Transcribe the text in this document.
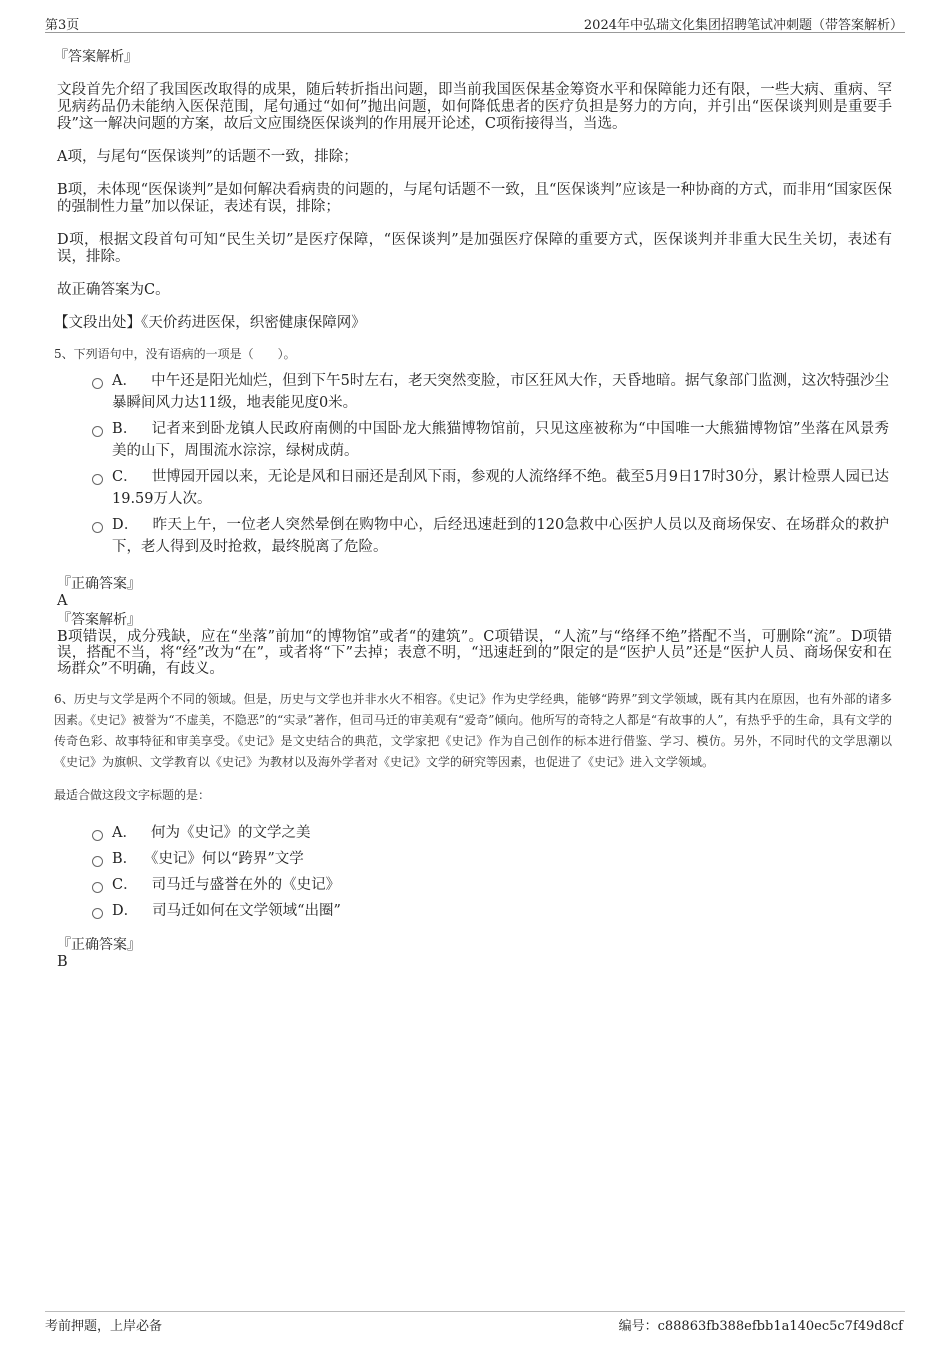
第3页	2024年中弘瑞文化集团招聘笔试冲刺题（带答案解析）

『答案解析』

文段首先介绍了我国医改取得的成果，随后转折指出问题，即当前我国医保基金筹资水平和保障能力还有限，一些大病、重病、罕见病药品仍未能纳入医保范围，尾句通过“如何”抛出问题，如何降低患者的医疗负担是努力的方向，并引出“医保谈判则是重要手段”这一解决问题的方案，故后文应围绕医保谈判的作用展开论述，C项衔接得当，当选。

A项，与尾句“医保谈判”的话题不一致，排除；

B项，未体现“医保谈判”是如何解决看病贵的问题的，与尾句话题不一致，且“医保谈判”应该是一种协商的方式，而非用“国家医保的强制性力量”加以保证，表述有误，排除；

D项，根据文段首句可知“民生关切”是医疗保障，“医保谈判”是加强医疗保障的重要方式，医保谈判并非重大民生关切，表述有误，排除。

故正确答案为C。

【文段出处】《天价药进医保，织密健康保障网》

5、下列语句中，没有语病的一项是（　　）。

A． 中午还是阳光灿烂，但到下午5时左右，老天突然变脸，市区狂风大作，天昏地暗。据气象部门监测，这次特强沙尘暴瞬间风力达11级，地表能见度0米。
B． 记者来到卧龙镇人民政府南侧的中国卧龙大熊猫博物馆前，只见这座被称为“中国唯一大熊猫博物馆”坐落在风景秀美的山下，周围流水淙淙，绿树成荫。
C． 世博园开园以来，无论是风和日丽还是刮风下雨，参观的人流络绎不绝。截至5月9日17时30分，累计检票人园已达19.59万人次。
D． 昨天上午，一位老人突然晕倒在购物中心，后经迅速赶到的120急救中心医护人员以及商场保安、在场群众的救护下，老人得到及时抢救，最终脱离了危险。

『正确答案』

A

『答案解析』

B项错误，成分残缺，应在“坐落”前加“的博物馆”或者“的建筑”。C项错误，“人流”与“络绎不绝”搭配不当，可删除“流”。D项错误，搭配不当，将“经”改为“在”，或者将“下”去掉；表意不明，“迅速赶到的”限定的是“医护人员”还是“医护人员、商场保安和在场群众”不明确，有歧义。

6、历史与文学是两个不同的领域。但是，历史与文学也并非水火不相容。《史记》作为史学经典，能够“跨界”到文学领域，既有其内在原因，也有外部的诸多因素。《史记》被誉为“不虚美，不隐恶”的“实录”著作，但司马迁的审美观有“爱奇”倾向。他所写的奇特之人都是“有故事的人”，有热乎乎的生命，具有文学的传奇色彩、故事特征和审美享受。《史记》是文史结合的典范，文学家把《史记》作为自己创作的标本进行借鉴、学习、模仿。另外，不同时代的文学思潮以《史记》为旗帜、文学教育以《史记》为教材以及海外学者对《史记》文学的研究等因素，也促进了《史记》进入文学领域。

最适合做这段文字标题的是：

A． 何为《史记》的文学之美
B． 《史记》何以“跨界”文学
C． 司马迁与盛誉在外的《史记》
D． 司马迁如何在文学领域“出圈”

『正确答案』

B

考前押题，上岸必备	编号：c88863fb388efbb1a140ec5c7f49d8cf
